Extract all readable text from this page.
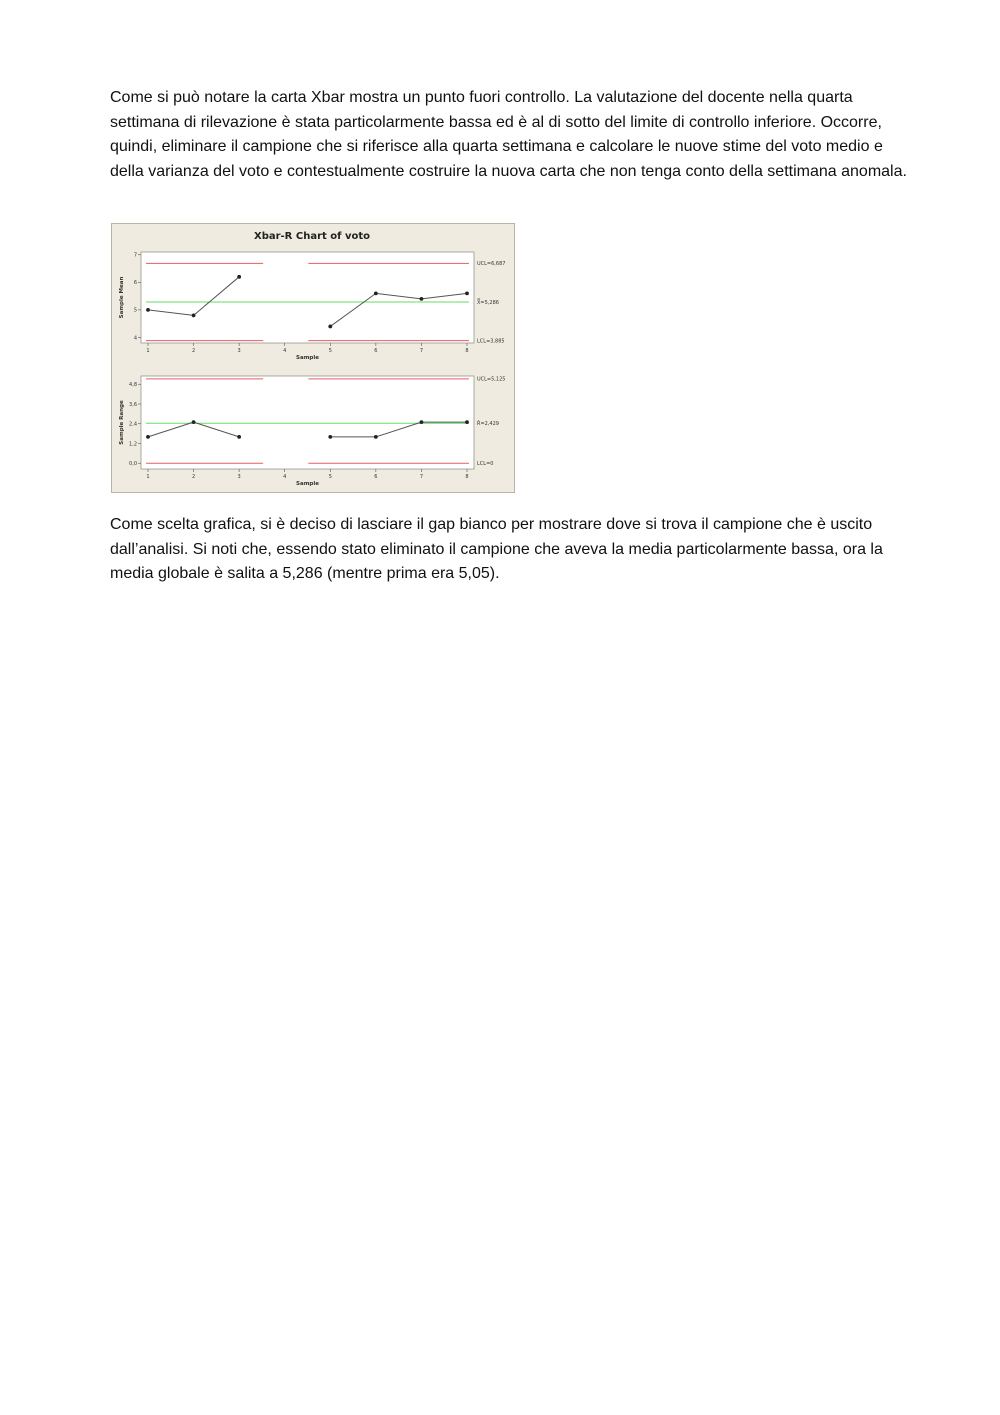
Come si può notare la carta Xbar mostra un punto fuori controllo. La valutazione del docente nella quarta settimana di rilevazione è stata particolarmente bassa ed è al di sotto del limite di controllo inferiore. Occorre, quindi, eliminare il campione che si riferisce alla quarta settimana e calcolare le nuove stime del voto medio e della varianza del voto e contestualmente costruire la nuova carta che non tenga conto della settimana anomala.

Xbar-R Chart of voto
UCL=6,687
X̿=5,286
LCL=3,885
4
5
6
7
1	2	3	4	5	6	7	8
Sample
Sample Mean
UCL=5,125
R̄=2,429
LCL=0
0,0
1,2
2,4
3,6
4,8
1	2	3	4	5	6	7	8
Sample
Sample Range

Come scelta grafica, si è deciso di lasciare il gap bianco per mostrare dove si trova il campione che è uscito dall’analisi. Si noti che, essendo stato eliminato il campione che aveva la media particolarmente bassa, ora la media globale è salita a 5,286 (mentre prima era 5,05).
